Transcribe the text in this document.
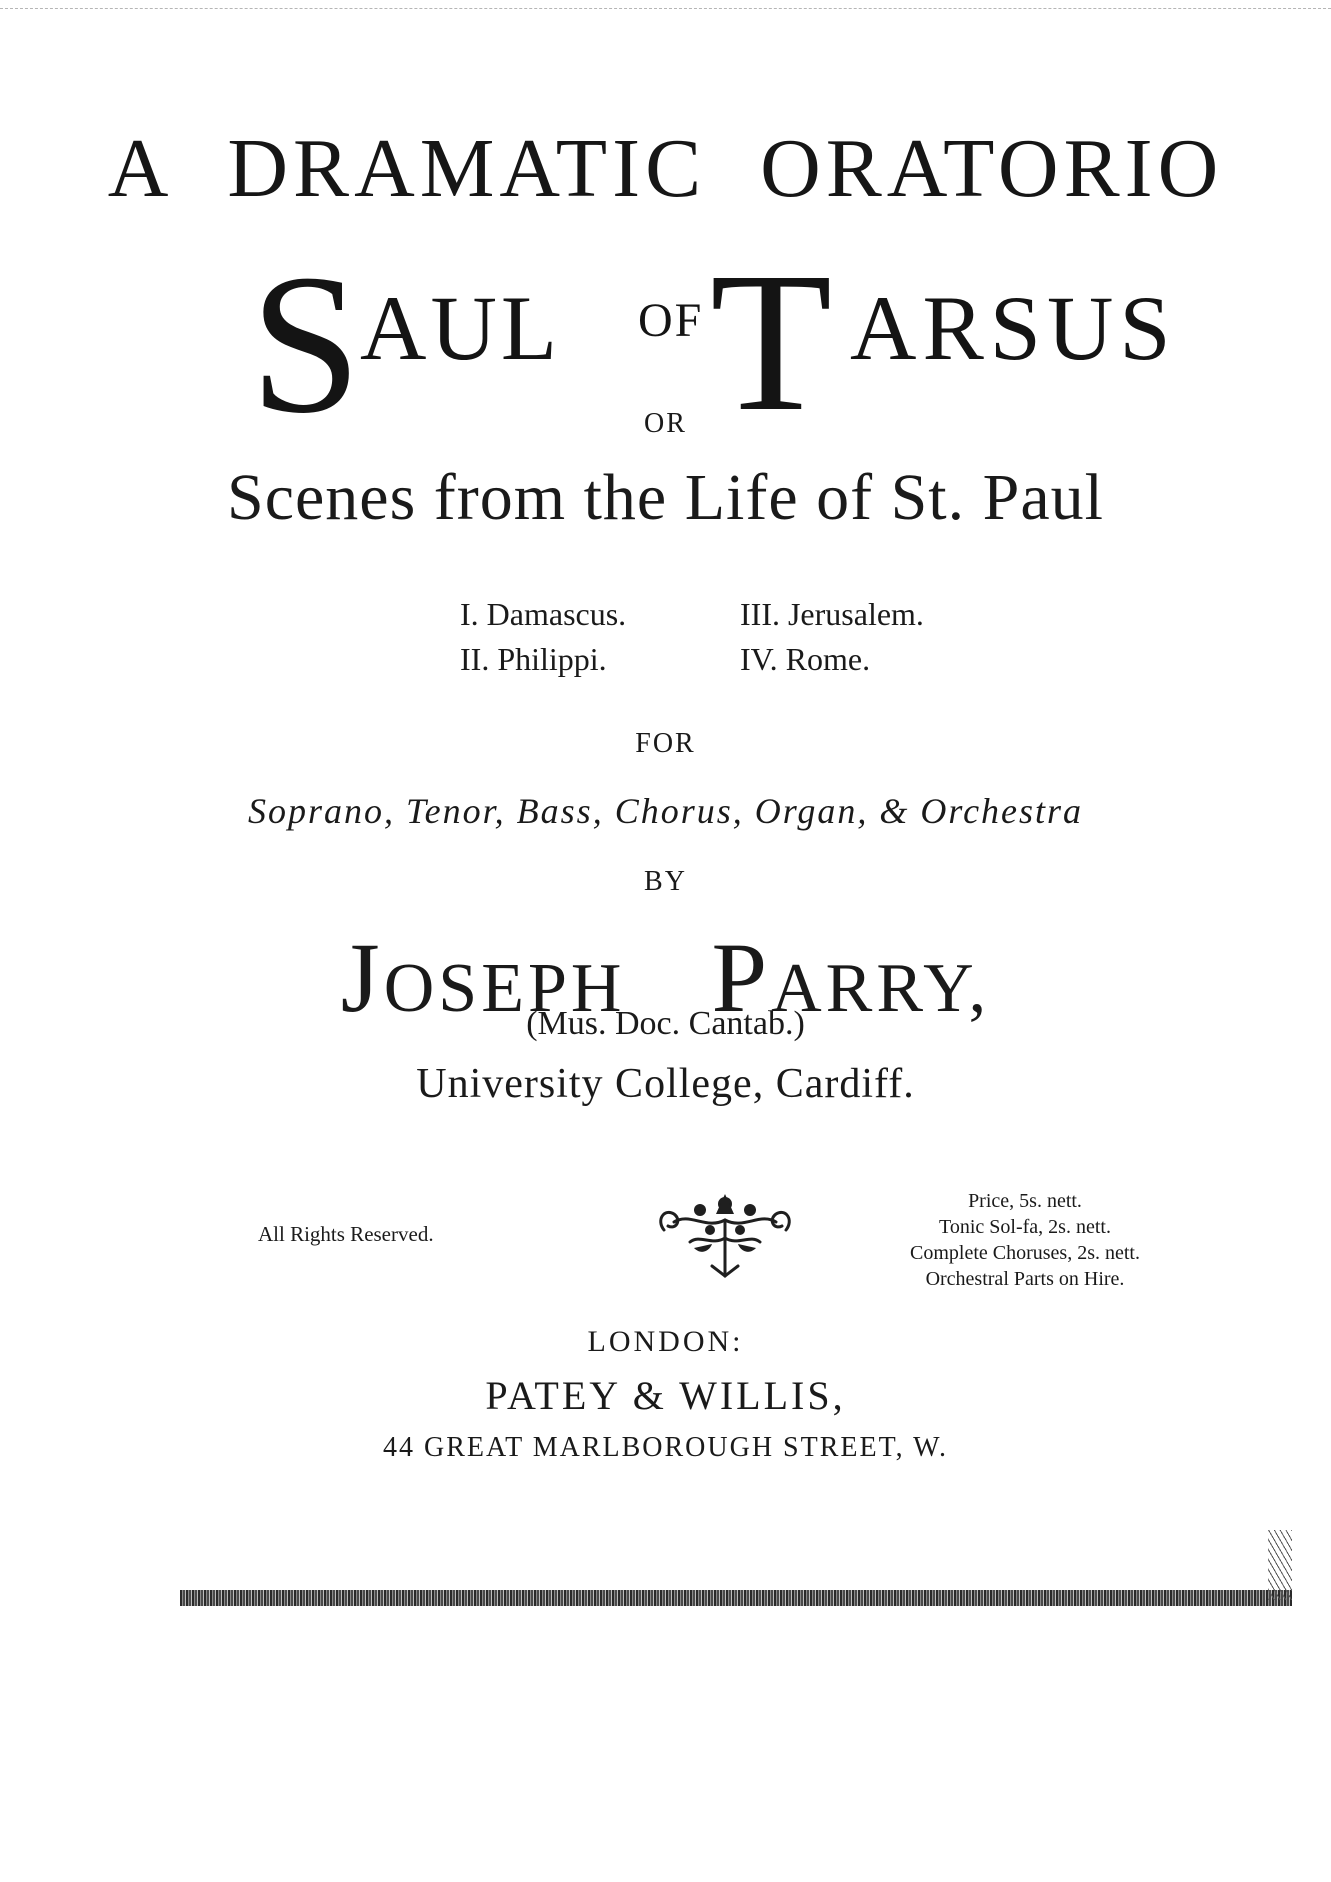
A DRAMATIC ORATORIO
S
AUL OF T ARSUS
OR
Scenes from the Life of St. Paul
I. Damascus.	III. Jerusalem.
II. Philippi.	IV. Rome.
FOR
Soprano, Tenor, Bass, Chorus, Organ, & Orchestra
BY
JOSEPH PARRY,
(Mus. Doc. Cantab.)
University College, Cardiff.
All Rights Reserved.
Price, 5s. nett.
Tonic Sol-fa, 2s. nett.
Complete Choruses, 2s. nett.
Orchestral Parts on Hire.
LONDON:
PATEY & WILLIS,
44 GREAT MARLBOROUGH STREET, W.
